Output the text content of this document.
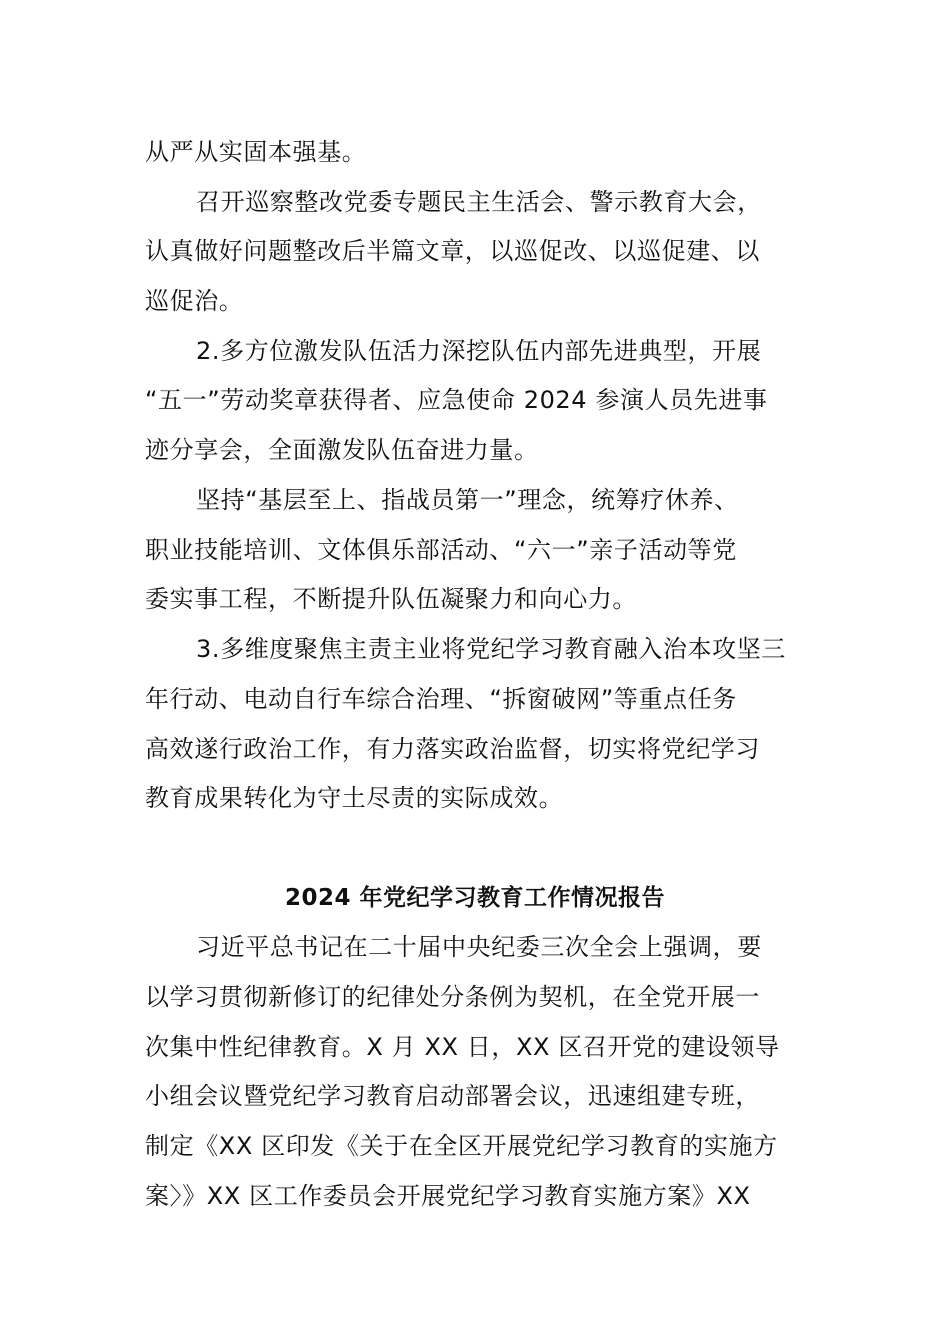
从严从实固本强基。
召开巡察整改党委专题民主生活会、警示教育大会，
认真做好问题整改后半篇文章，以巡促改、以巡促建、以
巡促治。
2.多方位激发队伍活力深挖队伍内部先进典型，开展
“五一”劳动奖章获得者、应急使命 2024 参演人员先进事
迹分享会，全面激发队伍奋进力量。
坚持“基层至上、指战员第一”理念，统筹疗休养、
职业技能培训、文体俱乐部活动、“六一”亲子活动等党
委实事工程，不断提升队伍凝聚力和向心力。
3.多维度聚焦主责主业将党纪学习教育融入治本攻坚三
年行动、电动自行车综合治理、“拆窗破网”等重点任务
高效遂行政治工作，有力落实政治监督，切实将党纪学习
教育成果转化为守土尽责的实际成效。
2024 年党纪学习教育工作情况报告
习近平总书记在二十届中央纪委三次全会上强调，要
以学习贯彻新修订的纪律处分条例为契机，在全党开展一
次集中性纪律教育。X 月 XX 日，XX 区召开党的建设领导
小组会议暨党纪学习教育启动部署会议，迅速组建专班，
制定《XX 区印发《关于在全区开展党纪学习教育的实施方
案〉》XX 区工作委员会开展党纪学习教育实施方案》XX
